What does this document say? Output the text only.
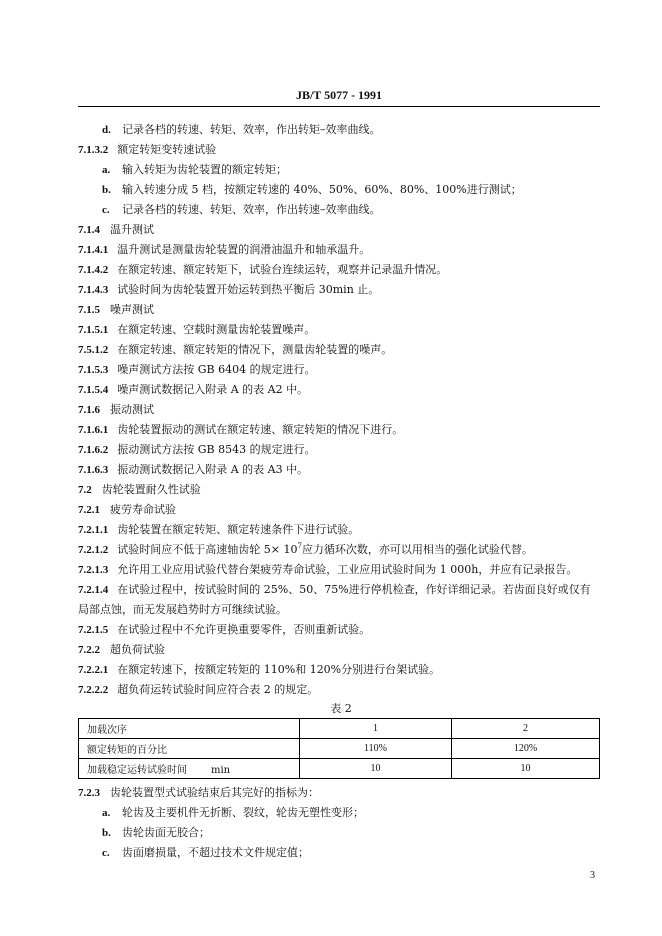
JB/T 5077 - 1991
d. 记录各档的转速、转矩、效率，作出转矩–效率曲线。
7.1.3.2 额定转矩变转速试验
a. 输入转矩为齿轮装置的额定转矩；
b. 输入转速分成 5 档，按额定转速的 40%、50%、60%、80%、100%进行测试；
c. 记录各档的转速、转矩、效率，作出转速–效率曲线。
7.1.4 温升测试
7.1.4.1 温升测试是测量齿轮装置的润滑油温升和轴承温升。
7.1.4.2 在额定转速、额定转矩下，试验台连续运转，观察并记录温升情况。
7.1.4.3 试验时间为齿轮装置开始运转到热平衡后 30min 止。
7.1.5 噪声测试
7.1.5.1 在额定转速、空载时测量齿轮装置噪声。
7.5.1.2 在额定转速、额定转矩的情况下，测量齿轮装置的噪声。
7.1.5.3 噪声测试方法按 GB 6404 的规定进行。
7.1.5.4 噪声测试数据记入附录 A 的表 A2 中。
7.1.6 振动测试
7.1.6.1 齿轮装置振动的测试在额定转速、额定转矩的情况下进行。
7.1.6.2 振动测试方法按 GB 8543 的规定进行。
7.1.6.3 振动测试数据记入附录 A 的表 A3 中。
7.2 齿轮装置耐久性试验
7.2.1 疲劳寿命试验
7.2.1.1 齿轮装置在额定转矩、额定转速条件下进行试验。
7.2.1.2 试验时间应不低于高速轴齿轮 $5\times 10^7$应力循环次数，亦可以用相当的强化试验代替。
7.2.1.3 允许用工业应用试验代替台架疲劳寿命试验，工业应用试验时间为 1 000h，并应有记录报告。
7.2.1.4 在试验过程中，按试验时间的 25%、50、75%进行停机检查，作好详细记录。若齿面良好或仅有局部点蚀，而无发展趋势时方可继续试验。
7.2.1.5 在试验过程中不允许更换重要零件，否则重新试验。
7.2.2 超负荷试验
7.2.2.1 在额定转速下，按额定转矩的 110%和 120%分别进行台架试验。
7.2.2.2 超负荷运转试验时间应符合表 2 的规定。
表 2
加载次序	1	2
额定转矩的百分比	110%	120%
加载稳定运转试验时间 min	10	10
7.2.3 齿轮装置型式试验结束后其完好的指标为：
a. 轮齿及主要机件无折断、裂纹，轮齿无塑性变形；
b. 齿轮齿面无胶合；
c. 齿面磨损量，不超过技术文件规定值；
3
